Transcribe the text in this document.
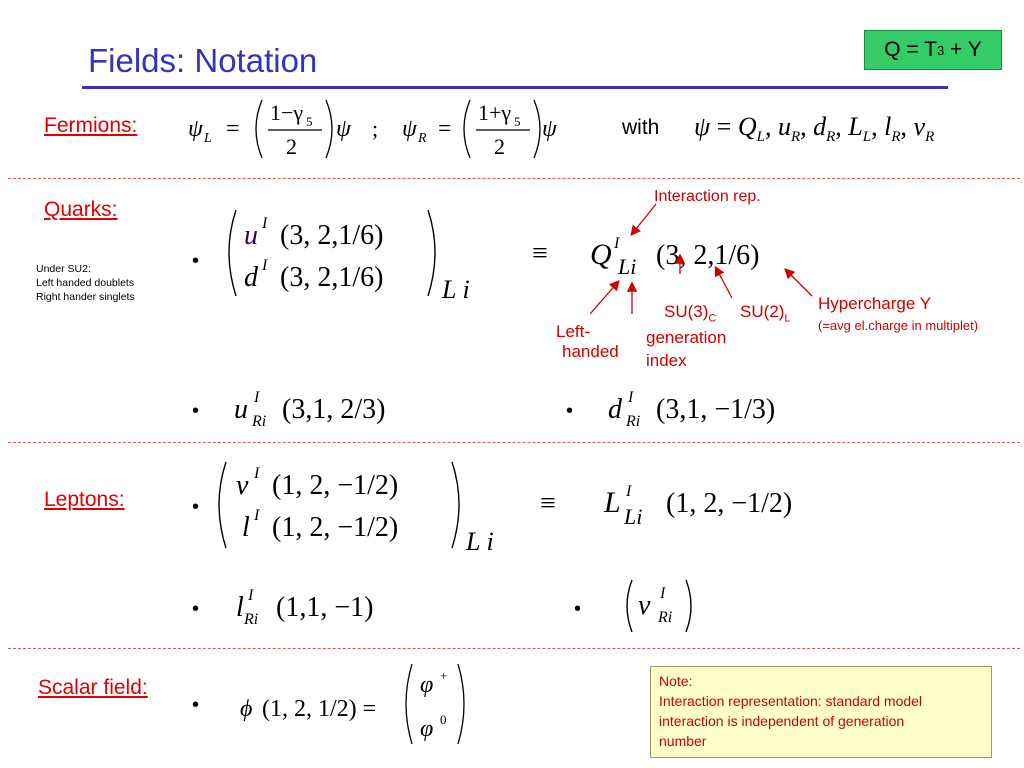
Fields: Notation	Q = T 3 + Y
Fermions:
Quarks:
Leptons:
Scalar field:
Under SU2:
Left handed doublets
Right hander singlets
ψ L =
1−γ 5
2
ψ ; ψ R =
1+γ 5
2
ψ	with $\psi = Q_L$, $u_R$, $d_R$, $L_L$, $l_R$, $\nu_R$
•
u I (3, 2,1/6)
d I (3, 2,1/6) L i
≡ Q I
Li (3, 2,1/6)
Interaction rep.
Left-
handed
$SU(3)_C$ $SU(2)_L$
generation
index
Hypercharge Y
(=avg el.charge in multiplet)
• u I
Ri (3,1, 2/3)	• d I
Ri (3,1, −1/3)
•
ν I (1, 2, −1/2)
l I (1, 2, −1/2)	L i
≡ L I
Li (1, 2, −1/2)
• l I
Ri (1,1, −1)	• ν I
Ri
• ϕ (1, 2, 1/2) =
φ +
φ 0
Note:
Interaction representation: standard model
interaction is independent of generation
number
